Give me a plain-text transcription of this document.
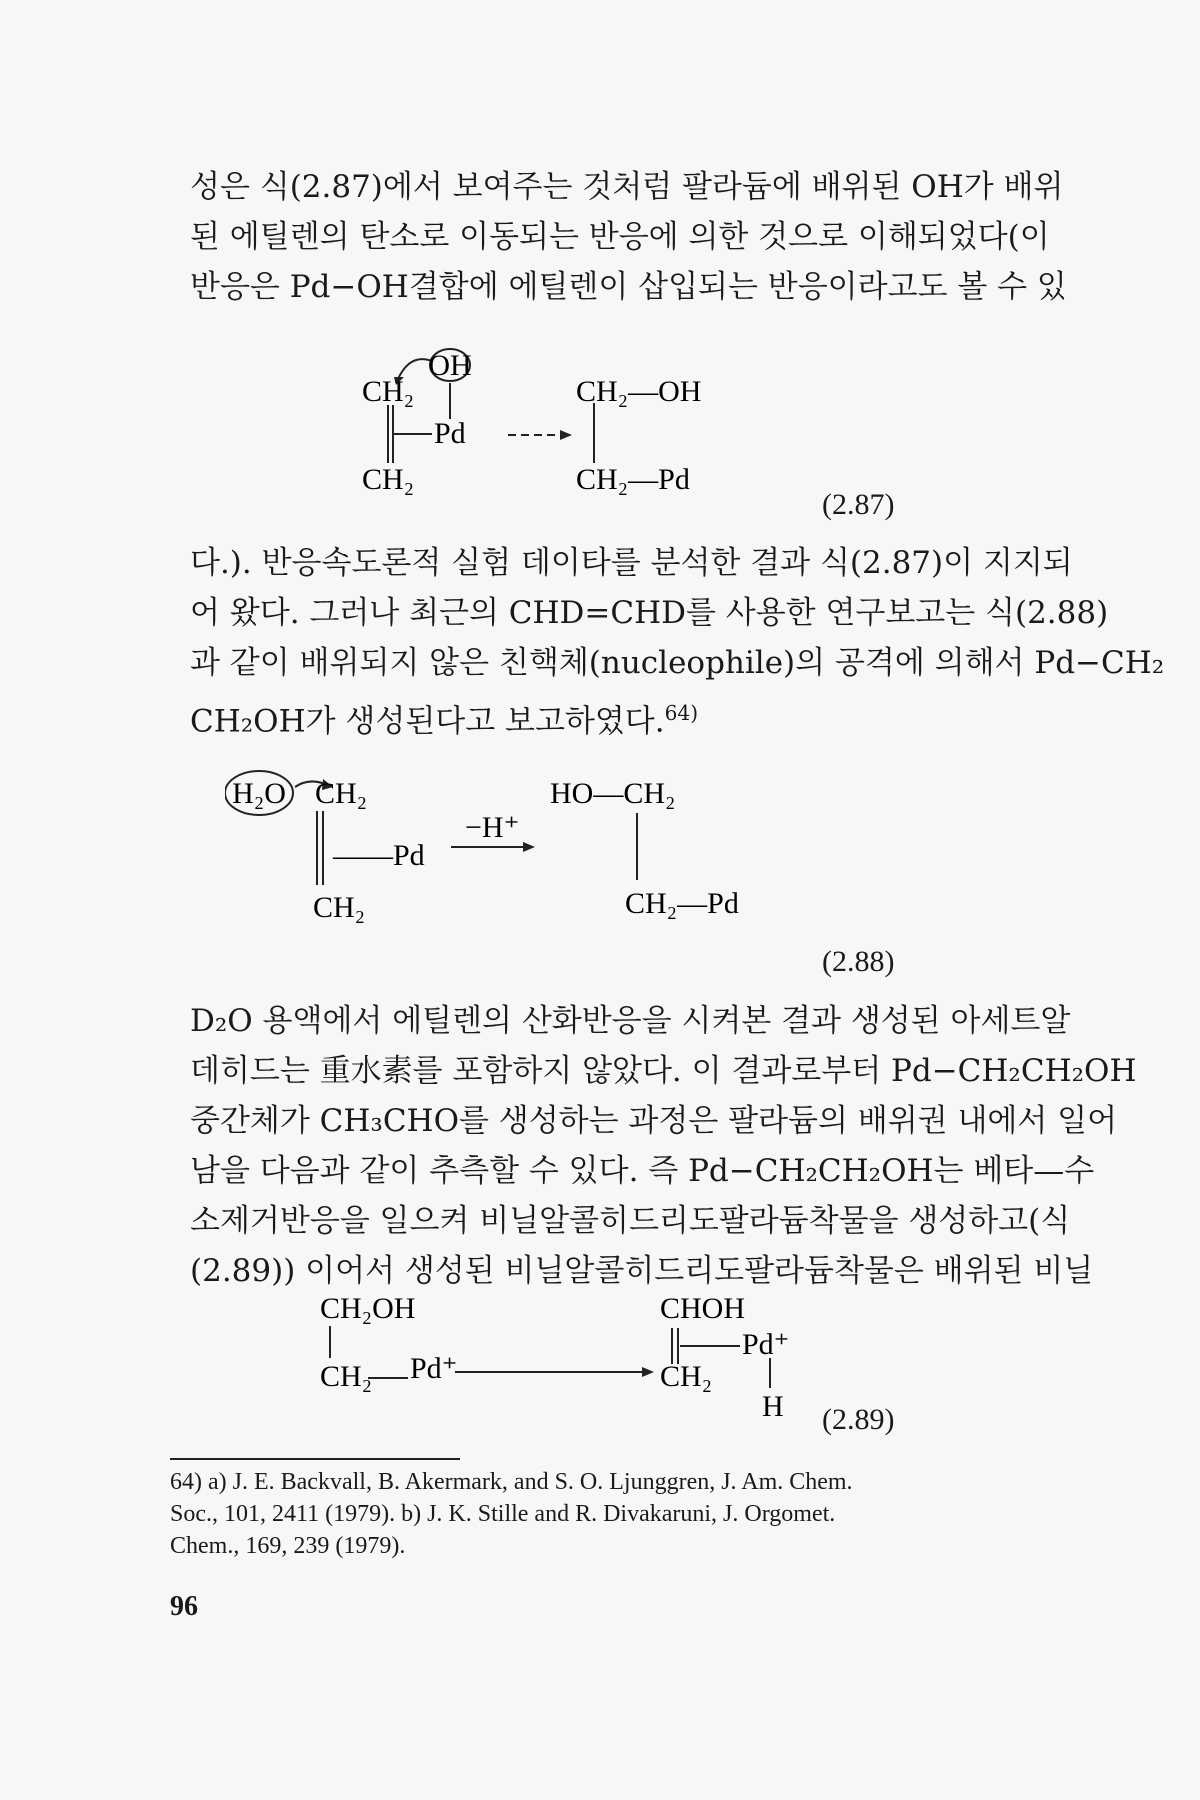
성은 식(2.87)에서 보여주는 것처럼 팔라듐에 배위된 OH가 배위
된 에틸렌의 탄소로 이동되는 반응에 의한 것으로 이해되었다(이
반응은 Pd−OH결합에 에틸렌이 삽입되는 반응이라고도 볼 수 있
OH
CH₂
CH₂
Pd
CH₂—OH
CH₂—Pd
(2.87)
다.). 반응속도론적 실험 데이타를 분석한 결과 식(2.87)이 지지되
어 왔다. 그러나 최근의 CHD=CHD를 사용한 연구보고는 식(2.88)
과 같이 배위되지 않은 친핵체(nucleophile)의 공격에 의해서 Pd−CH₂
CH₂OH가 생성된다고 보고하였다.$^{64)}$
H₂O CH₂
CH₂
——Pd
−H⁺
HO—CH₂
CH₂—Pd
(2.88)
D₂O 용액에서 에틸렌의 산화반응을 시켜본 결과 생성된 아세트알
데히드는 重水素를 포함하지 않았다. 이 결과로부터 Pd−CH₂CH₂OH
중간체가 CH₃CHO를 생성하는 과정은 팔라듐의 배위권 내에서 일어
남을 다음과 같이 추측할 수 있다. 즉 Pd−CH₂CH₂OH는 베타—수
소제거반응을 일으켜 비닐알콜히드리도팔라듐착물을 생성하고(식
(2.89)) 이어서 생성된 비닐알콜히드리도팔라듐착물은 배위된 비닐
CH₂OH
CH₂ Pd⁺
CHOH
CH₂
Pd⁺
H (2.89)
64) a) J. E. Backvall, B. Akermark, and S. O. Ljunggren, J. Am. Chem.
Soc., 101, 2411 (1979). b) J. K. Stille and R. Divakaruni, J. Orgomet.
Chem., 169, 239 (1979).
96
